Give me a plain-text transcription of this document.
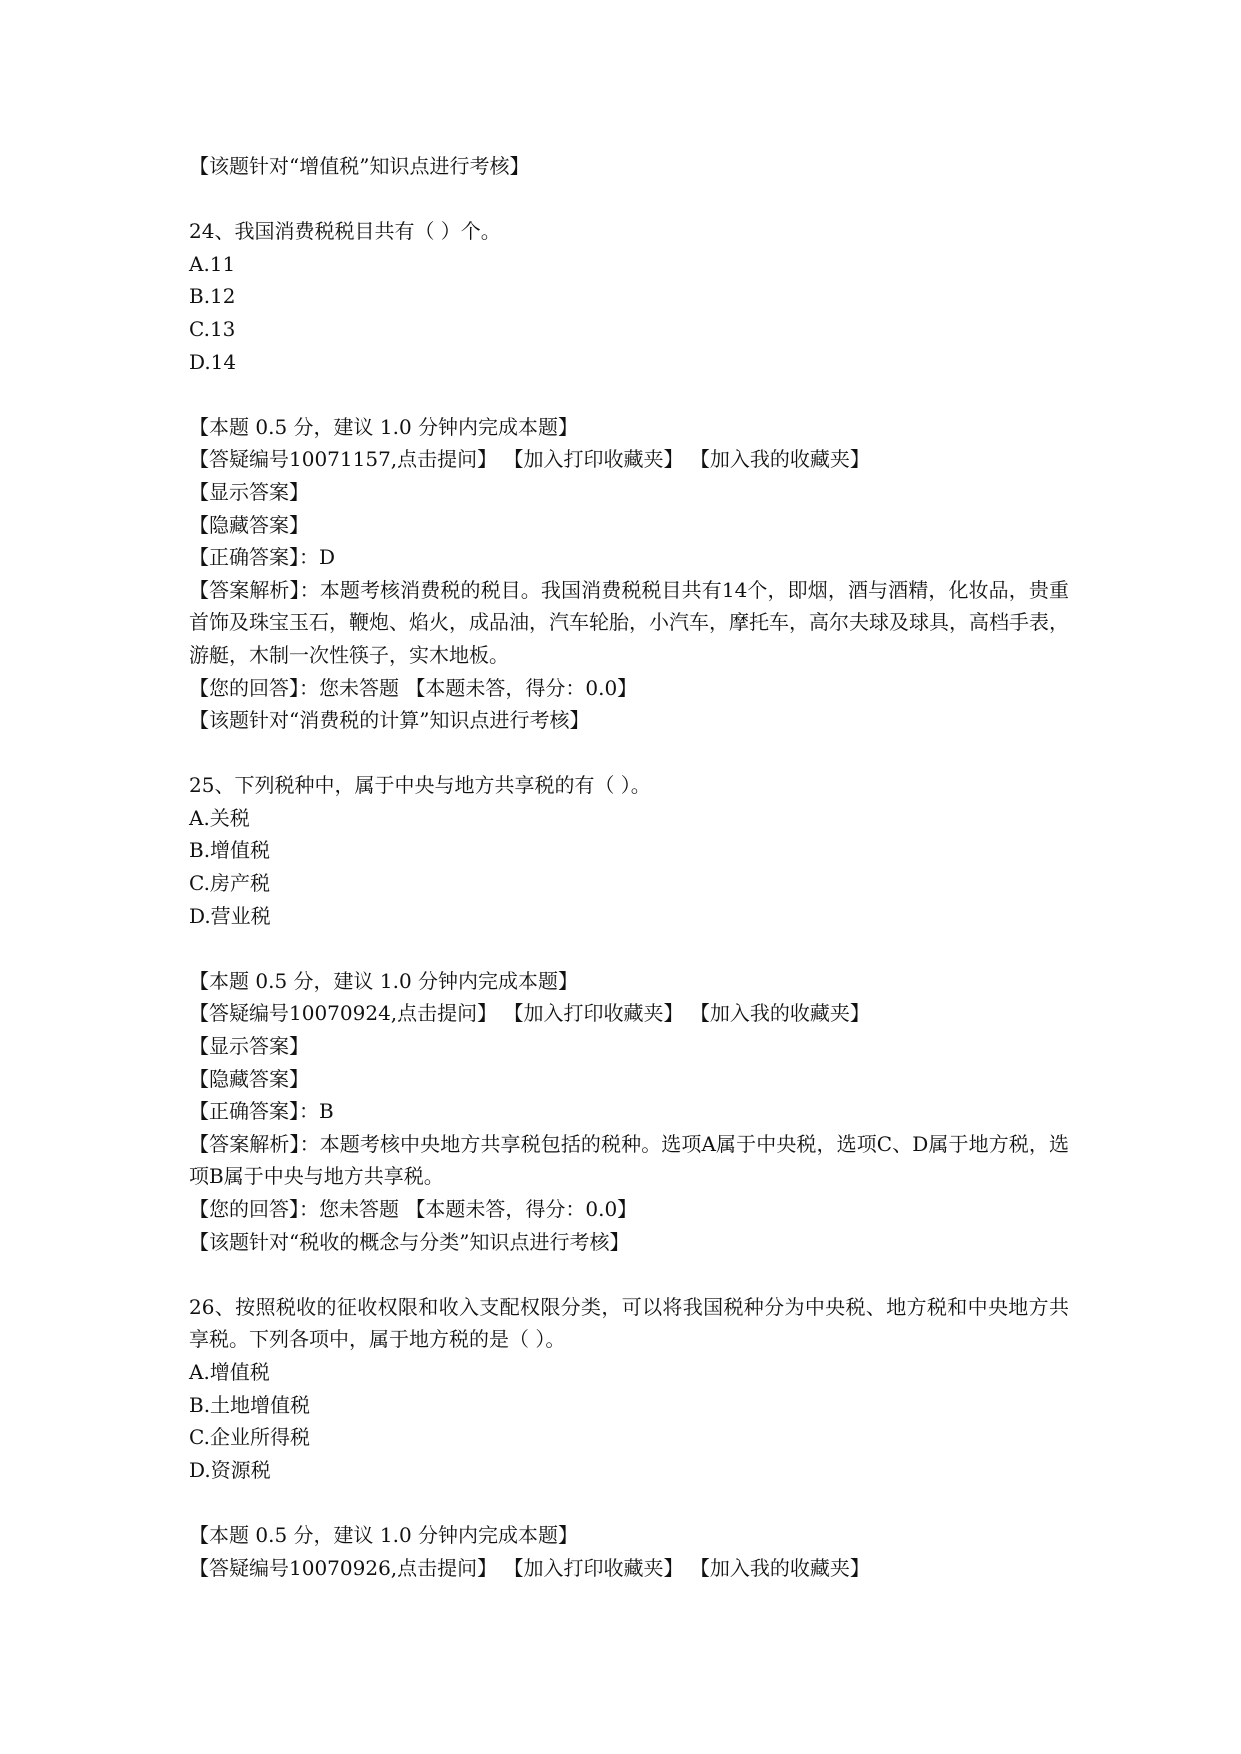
【该题针对“增值税”知识点进行考核】

24、我国消费税税目共有（ ）个。

A.11

B.12

C.13

D.14

【本题 0.5 分，建议 1.0 分钟内完成本题】

【答疑编号10071157,点击提问】 【加入打印收藏夹】 【加入我的收藏夹】

【显示答案】

【隐藏答案】

【正确答案】：D

【答案解析】：本题考核消费税的税目。我国消费税税目共有14个，即烟，酒与酒精，化妆品，贵重首饰及珠宝玉石，鞭炮、焰火，成品油，汽车轮胎，小汽车，摩托车，高尔夫球及球具，高档手表，游艇，木制一次性筷子，实木地板。

【您的回答】：您未答题 【本题未答，得分：0.0】

【该题针对“消费税的计算”知识点进行考核】

25、下列税种中，属于中央与地方共享税的有（ ）。

A.关税

B.增值税

C.房产税

D.营业税

【本题 0.5 分，建议 1.0 分钟内完成本题】

【答疑编号10070924,点击提问】 【加入打印收藏夹】 【加入我的收藏夹】

【显示答案】

【隐藏答案】

【正确答案】：B

【答案解析】：本题考核中央地方共享税包括的税种。选项A属于中央税，选项C、D属于地方税，选项B属于中央与地方共享税。

【您的回答】：您未答题 【本题未答，得分：0.0】

【该题针对“税收的概念与分类”知识点进行考核】

26、按照税收的征收权限和收入支配权限分类，可以将我国税种分为中央税、地方税和中央地方共享税。下列各项中，属于地方税的是（ ）。

A.增值税

B.土地增值税

C.企业所得税

D.资源税

【本题 0.5 分，建议 1.0 分钟内完成本题】

【答疑编号10070926,点击提问】 【加入打印收藏夹】 【加入我的收藏夹】
